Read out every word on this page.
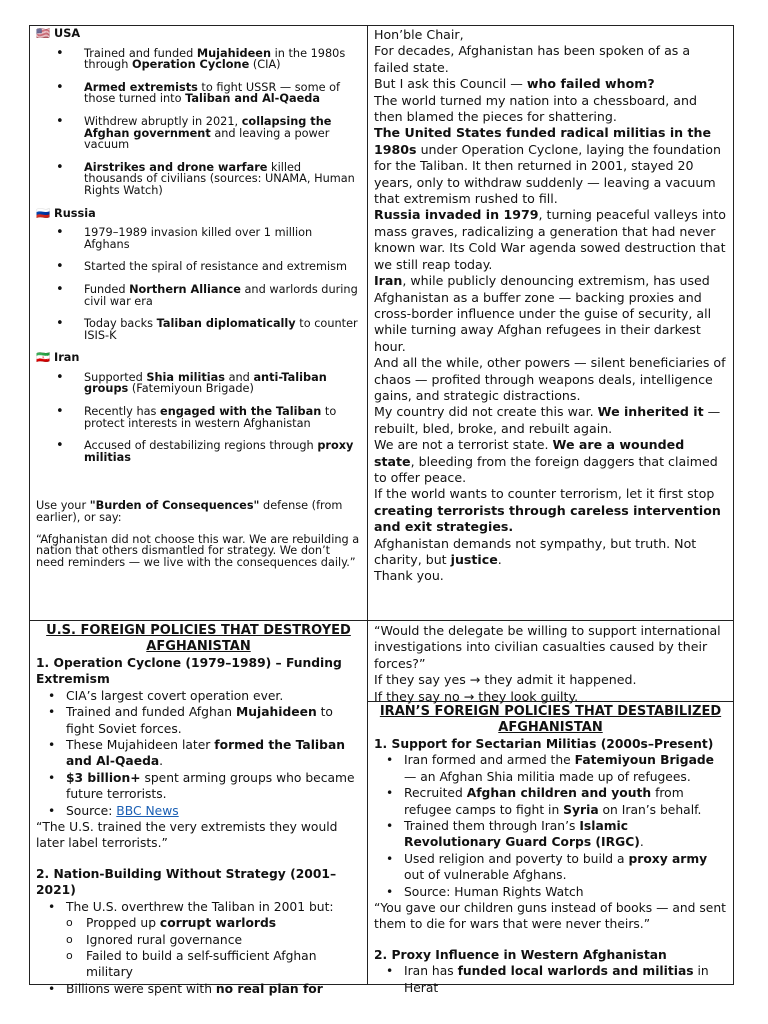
🇺🇸 USA

• Trained and funded Mujahideen in the 1980s through Operation Cyclone (CIA)
• Armed extremists to fight USSR — some of those turned into Taliban and Al-Qaeda
• Withdrew abruptly in 2021, collapsing the Afghan government and leaving a power vacuum
• Airstrikes and drone warfare killed thousands of civilians (sources: UNAMA, Human Rights Watch)

🇷🇺 Russia

• 1979–1989 invasion killed over 1 million Afghans
• Started the spiral of resistance and extremism
• Funded Northern Alliance and warlords during civil war era
• Today backs Taliban diplomatically to counter ISIS-K

🇮🇷 Iran

• Supported Shia militias and anti-Taliban groups (Fatemiyoun Brigade)
• Recently has engaged with the Taliban to protect interests in western Afghanistan
• Accused of destabilizing regions through proxy militias

Use your "Burden of Consequences" defense (from earlier), or say:

“Afghanistan did not choose this war. We are rebuilding a nation that others dismantled for strategy. We don’t need reminders — we live with the consequences daily.”

Hon’ble Chair,

For decades, Afghanistan has been spoken of as a failed state.

But I ask this Council — who failed whom?

The world turned my nation into a chessboard, and then blamed the pieces for shattering.

The United States funded radical militias in the 1980s under Operation Cyclone, laying the foundation for the Taliban. It then returned in 2001, stayed 20 years, only to withdraw suddenly — leaving a vacuum that extremism rushed to fill.

Russia invaded in 1979, turning peaceful valleys into mass graves, radicalizing a generation that had never known war. Its Cold War agenda sowed destruction that we still reap today.

Iran, while publicly denouncing extremism, has used Afghanistan as a buffer zone — backing proxies and cross-border influence under the guise of security, all while turning away Afghan refugees in their darkest hour.

And all the while, other powers — silent beneficiaries of chaos — profited through weapons deals, intelligence gains, and strategic distractions.

My country did not create this war. We inherited it — rebuilt, bled, broke, and rebuilt again.

We are not a terrorist state. We are a wounded state, bleeding from the foreign daggers that claimed to offer peace.

If the world wants to counter terrorism, let it first stop creating terrorists through careless intervention and exit strategies.

Afghanistan demands not sympathy, but truth. Not charity, but justice.

Thank you.

U.S. FOREIGN POLICIES THAT DESTROYED AFGHANISTAN

1. Operation Cyclone (1979–1989) – Funding Extremism

• CIA’s largest covert operation ever.
• Trained and funded Afghan Mujahideen to fight Soviet forces.
• These Mujahideen later formed the Taliban and Al-Qaeda.
• $3 billion+ spent arming groups who became future terrorists.
• Source: BBC News

“The U.S. trained the very extremists they would later label terrorists.”

2. Nation-Building Without Strategy (2001–2021)

• The U.S. overthrew the Taliban in 2001 but:
o Propped up corrupt warlords
o Ignored rural governance
o Failed to build a self-sufficient Afghan military
• Billions were spent with no real plan for

“Would the delegate be willing to support international investigations into civilian casualties caused by their forces?”

If they say yes → they admit it happened.

If they say no → they look guilty.

IRAN’S FOREIGN POLICIES THAT DESTABILIZED AFGHANISTAN

1. Support for Sectarian Militias (2000s–Present)

• Iran formed and armed the Fatemiyoun Brigade — an Afghan Shia militia made up of refugees.
• Recruited Afghan children and youth from refugee camps to fight in Syria on Iran’s behalf.
• Trained them through Iran’s Islamic Revolutionary Guard Corps (IRGC).
• Used religion and poverty to build a proxy army out of vulnerable Afghans.
• Source: Human Rights Watch

“You gave our children guns instead of books — and sent them to die for wars that were never theirs.”

2. Proxy Influence in Western Afghanistan

• Iran has funded local warlords and militias in Herat
